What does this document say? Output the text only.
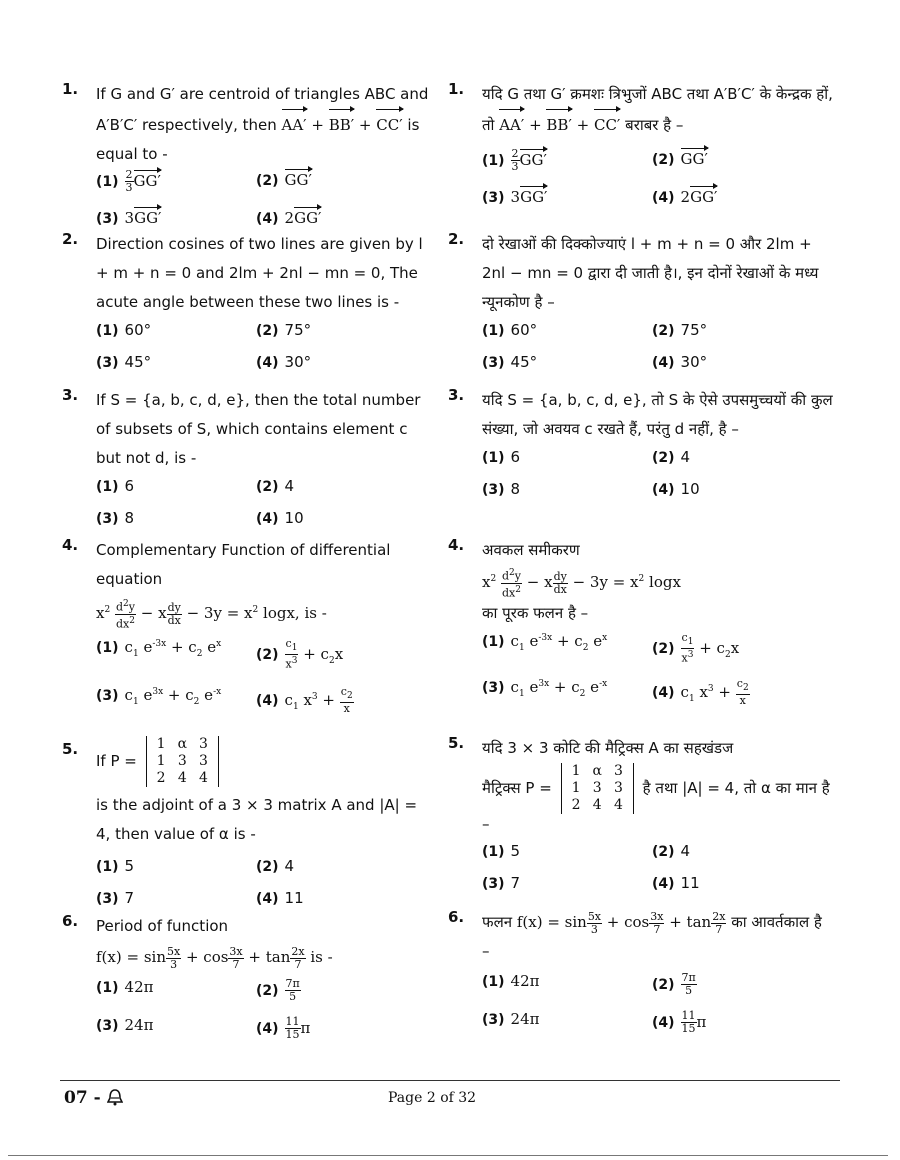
1. If G and G′ are centroid of triangles ABC and A′B′C′ respectively, then AA′ + BB′ + CC′ is equal to -
$(1) \frac{2}{3} GG'$	(2) GG′
(3) 3GG′	(4) 2GG′
2. Direction cosines of two lines are given by l + m + n = 0 and 2lm + 2nl − mn = 0, The acute angle between these two lines is -
(1) 60°	(2) 75°
(3) 45°	(4) 30°
3. If S = {a, b, c, d, e}, then the total number of subsets of S, which contains element c but not d, is -
(1) 6	(2) 4
(3) 8	(4) 10
4. Complementary Function of differential equation
$x^2 \frac{d^2y}{dx^2} - x \frac{dy}{dx} - 3y = x^2$ logx, is -
(1) $c_1$ $e^{-3x} + c_2$ $e^x$
$(2) \frac{c_1}{x^3} + c_2x$
(3) $c_1$ $e^{3x} + c_2$ $e^{-x}$
(4) $c_1$ $x^3 + \frac{c_2}{x}$
5.
If P = 1	α	3
1	3	3
2	4	4
is the adjoint of a 3 × 3 matrix A and |A| = 4, then value of α is -
(1) 5	(2) 4
(3) 7	(4) 11
6. Period of function
$f(x) = \sin \frac{5x}{3} + \cos \frac{3x}{7} + \tan \frac{2x}{7}$ is -
(1) 42π	$(2) \frac{7\pi}{5}$
(3) 24π	$(4) \frac{11}{15}$ π
1. यदि G तथा G′ क्रमशः त्रिभुजों ABC तथा A′B′C′ के केन्द्रक हों, तो AA′ + BB′ + CC′ बराबर है –
$(1) \frac{2}{3} GG'$	(2) GG′
(3) 3GG′	(4) 2GG′
2. दो रेखाओं की दिक्कोज्याएं l + m + n = 0 और 2lm + 2nl − mn = 0 द्वारा दी जाती है।, इन दोनों रेखाओं के मध्य न्यूनकोण है –
(1) 60°	(2) 75°
(3) 45°	(4) 30°
3. यदि S = {a, b, c, d, e}, तो S के ऐसे उपसमुच्चयों की कुल संख्या, जो अवयव c रखते हैं, परंतु d नहीं, है –
(1) 6	(2) 4
(3) 8	(4) 10
4. अवकल समीकरण
$x^2 \frac{d^2y}{dx^2} - x \frac{dy}{dx} - 3y = x^2$ logx
का पूरक फलन है –
(1) $c_1$ $e^{-3x} + c_2$ $e^x$
$(2) \frac{c_1}{x^3} + c_2x$
(3) $c_1$ $e^{3x} + c_2$ $e^{-x}$
(4) $c_1$ $x^3 + \frac{c_2}{x}$
5. यदि 3 × 3 कोटि की मैट्रिक्स A का सहखंडज
मैट्रिक्स P = 1	α	3
1	3	3
2	4	4 है तथा |A| = 4, तो α का मान है –
(1) 5	(2) 4
(3) 7	(4) 11
6. फलन $f(x) = \sin \frac{5x}{3} + \cos \frac{3x}{7} + \tan \frac{2x}{7}$ का आवर्तकाल है –
(1) 42π	$(2) \frac{7\pi}{5}$
(3) 24π	$(4) \frac{11}{15}$ π
07 -	Page 2 of 32
